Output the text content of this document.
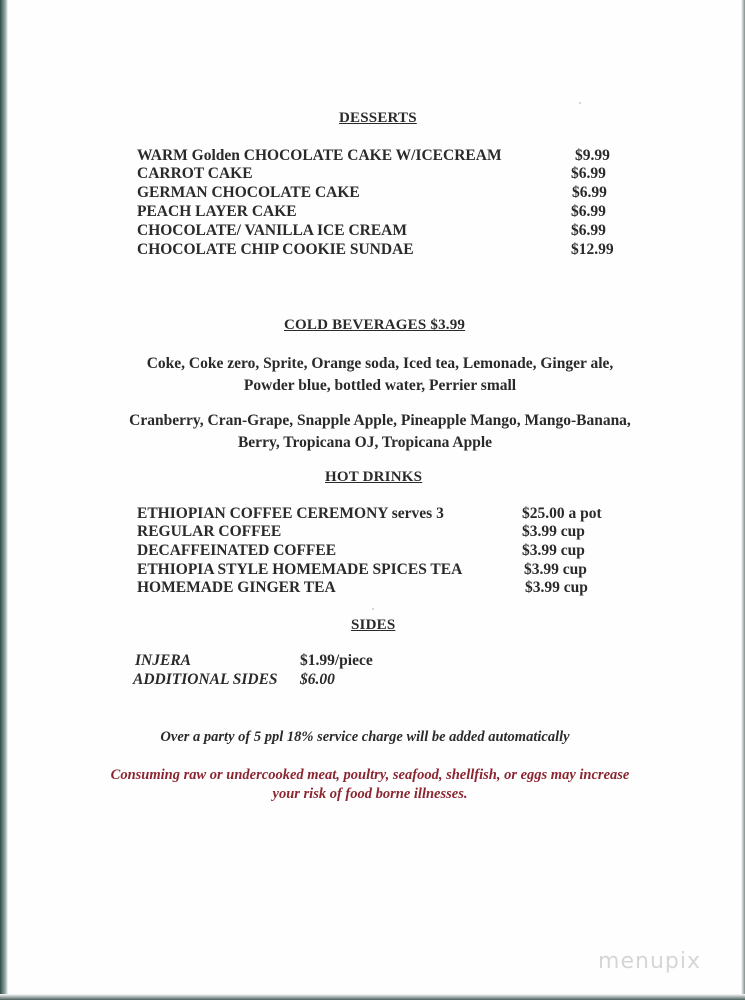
DESSERTS
WARM Golden CHOCOLATE CAKE W/ICECREAM	$9.99
CARROT CAKE	$6.99
GERMAN CHOCOLATE CAKE	$6.99
PEACH LAYER CAKE	$6.99
CHOCOLATE/ VANILLA ICE CREAM	$6.99
CHOCOLATE CHIP COOKIE SUNDAE	$12.99
COLD BEVERAGES $3.99
Coke, Coke zero, Sprite, Orange soda, Iced tea, Lemonade, Ginger ale,
Powder blue, bottled water, Perrier small
Cranberry, Cran-Grape, Snapple Apple, Pineapple Mango, Mango-Banana,
Berry, Tropicana OJ, Tropicana Apple
HOT DRINKS
ETHIOPIAN COFFEE CEREMONY serves 3	$25.00 a pot
REGULAR COFFEE	$3.99 cup
DECAFFEINATED COFFEE	$3.99 cup
ETHIOPIA STYLE HOMEMADE SPICES TEA	$3.99 cup
HOMEMADE GINGER TEA	$3.99 cup
SIDES
INJERA	$1.99/piece
ADDITIONAL SIDES $6.00
Over a party of 5 ppl 18% service charge will be added automatically
Consuming raw or undercooked meat, poultry, seafood, shellfish, or eggs may increase
your risk of food borne illnesses.
menupix
